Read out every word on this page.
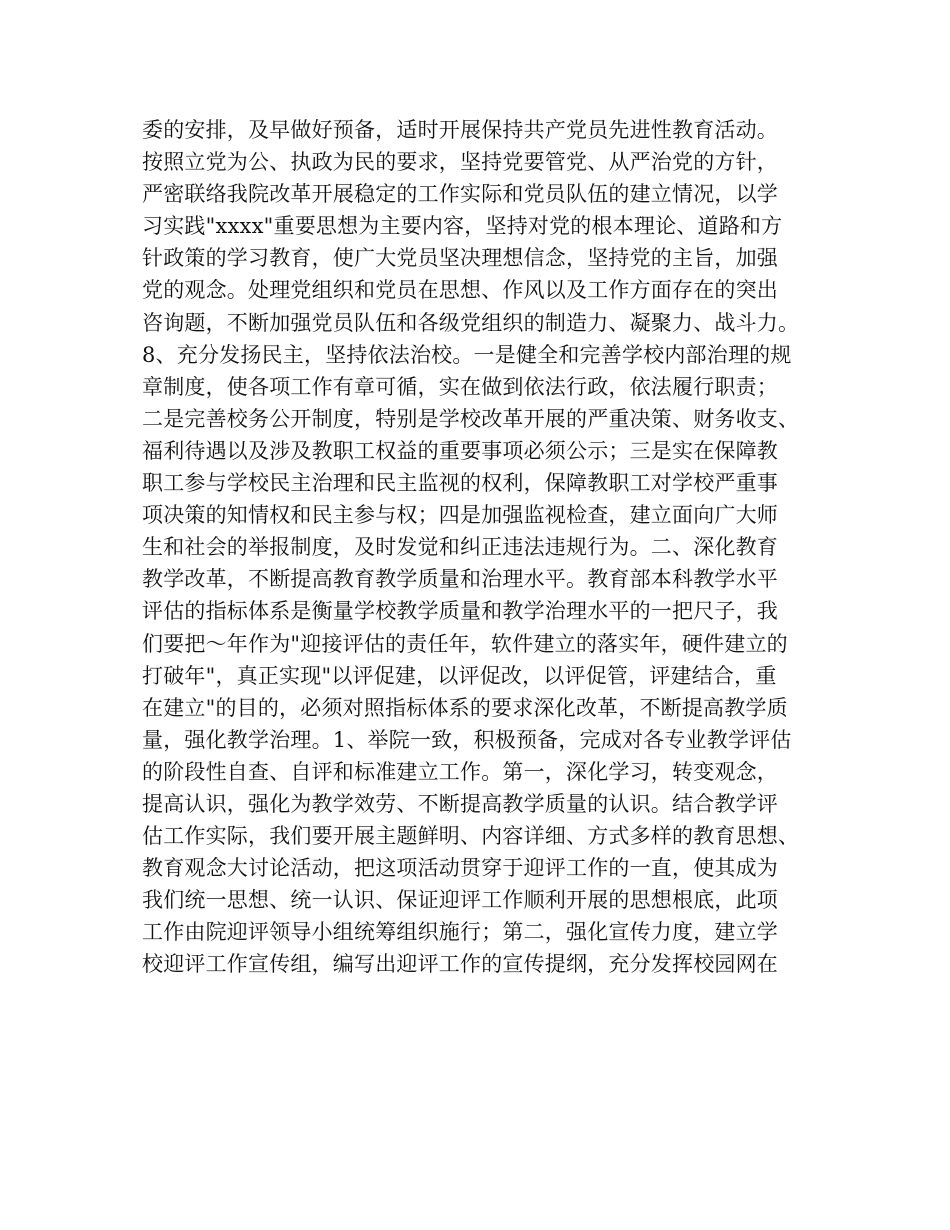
委的安排，及早做好预备，适时开展保持共产党员先进性教育活动。
按照立党为公、执政为民的要求，坚持党要管党、从严治党的方针，
严密联络我院改革开展稳定的工作实际和党员队伍的建立情况，以学
习实践"xxxx"重要思想为主要内容，坚持对党的根本理论、道路和方
针政策的学习教育，使广大党员坚决理想信念，坚持党的主旨，加强
党的观念。处理党组织和党员在思想、作风以及工作方面存在的突出
咨询题，不断加强党员队伍和各级党组织的制造力、凝聚力、战斗力。
8、充分发扬民主，坚持依法治校。一是健全和完善学校内部治理的规
章制度，使各项工作有章可循，实在做到依法行政，依法履行职责；
二是完善校务公开制度，特别是学校改革开展的严重决策、财务收支、
福利待遇以及涉及教职工权益的重要事项必须公示；三是实在保障教
职工参与学校民主治理和民主监视的权利，保障教职工对学校严重事
项决策的知情权和民主参与权；四是加强监视检查，建立面向广大师
生和社会的举报制度，及时发觉和纠正违法违规行为。二、深化教育
教学改革，不断提高教育教学质量和治理水平。教育部本科教学水平
评估的指标体系是衡量学校教学质量和教学治理水平的一把尺子，我
们要把～年作为"迎接评估的责任年，软件建立的落实年，硬件建立的
打破年"，真正实现"以评促建，以评促改，以评促管，评建结合，重
在建立"的目的，必须对照指标体系的要求深化改革，不断提高教学质
量，强化教学治理。1、举院一致，积极预备，完成对各专业教学评估
的阶段性自查、自评和标准建立工作。第一，深化学习，转变观念，
提高认识，强化为教学效劳、不断提高教学质量的认识。结合教学评
估工作实际，我们要开展主题鲜明、内容详细、方式多样的教育思想、
教育观念大讨论活动，把这项活动贯穿于迎评工作的一直，使其成为
我们统一思想、统一认识、保证迎评工作顺利开展的思想根底，此项
工作由院迎评领导小组统筹组织施行；第二，强化宣传力度，建立学
校迎评工作宣传组，编写出迎评工作的宣传提纲，充分发挥校园网在
